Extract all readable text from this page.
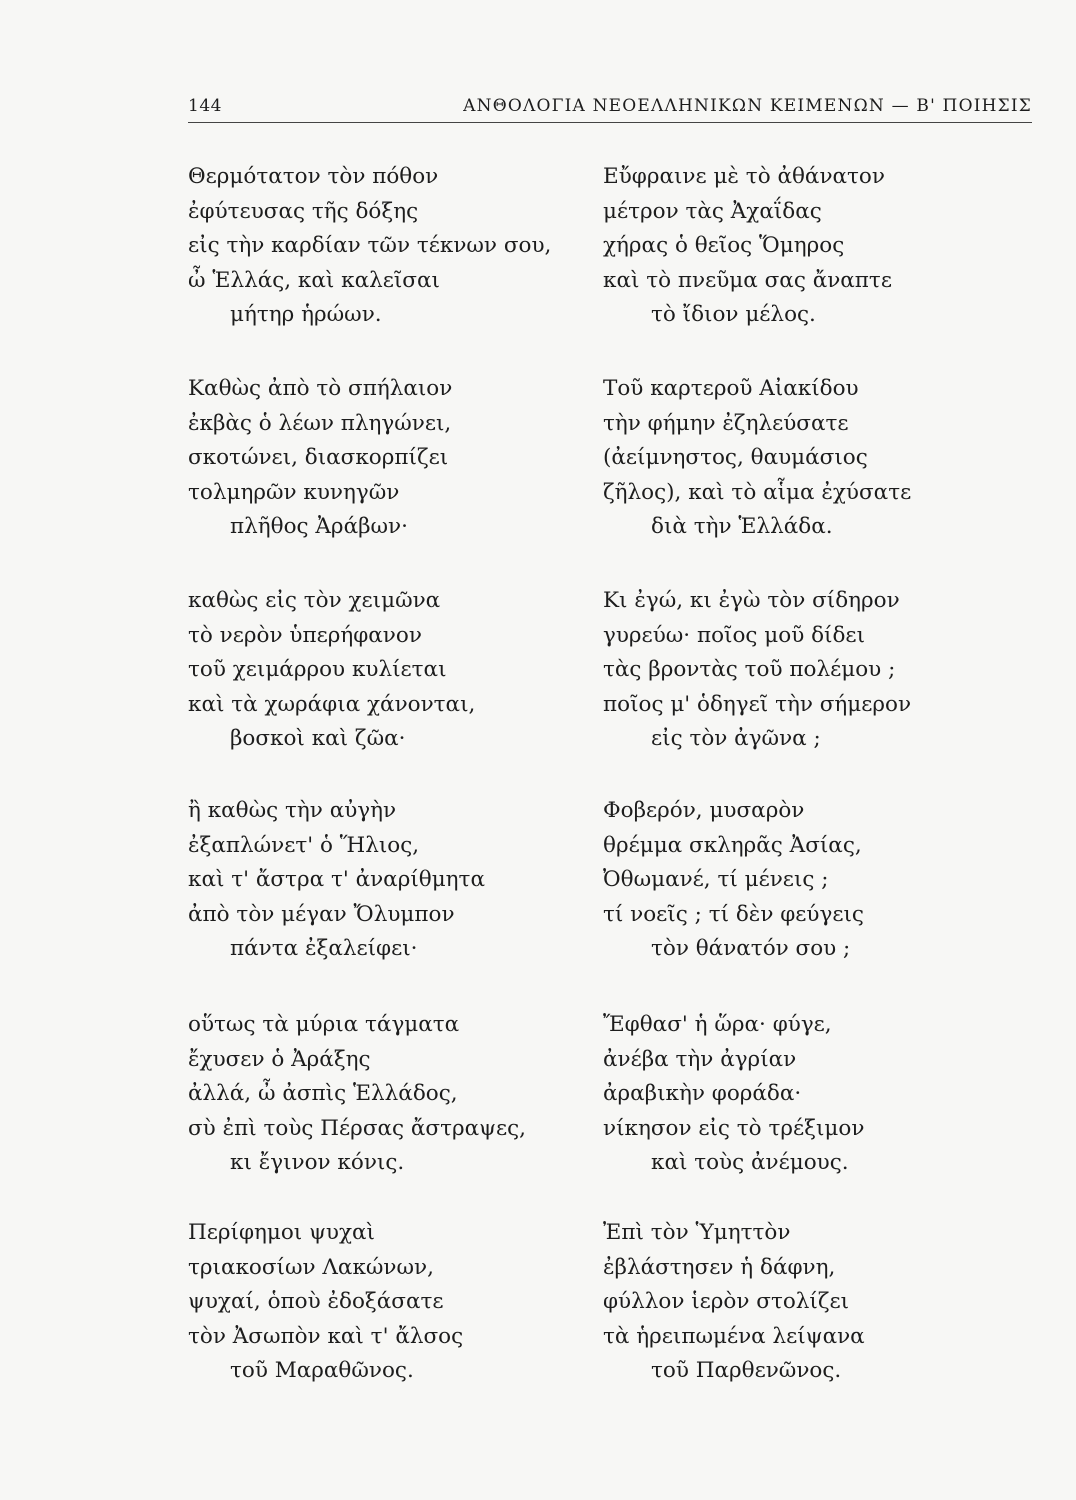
144	ΑΝΘΟΛΟΓΙΑ ΝΕΟΕΛΛΗΝΙΚΩΝ ΚΕΙΜΕΝΩΝ — Β' ΠΟΙΗΣΙΣ
Θερμότατον τὸν πόθον
ἐφύτευσας τῆς δόξης
εἰς τὴν καρδίαν τῶν τέκνων σου,
ὦ Ἑλλάς, καὶ καλεῖσαι
μήτηρ ἡρώων.
Καθὼς ἀπὸ τὸ σπήλαιον
ἐκβὰς ὁ λέων πληγώνει,
σκοτώνει, διασκορπίζει
τολμηρῶν κυνηγῶν
πλῆθος Ἀράβων·
καθὼς εἰς τὸν χειμῶνα
τὸ νερὸν ὑπερήφανον
τοῦ χειμάρρου κυλίεται
καὶ τὰ χωράφια χάνονται,
βοσκοὶ καὶ ζῶα·
ἢ καθὼς τὴν αὐγὴν
ἐξαπλώνετ' ὁ Ἥλιος,
καὶ τ' ἄστρα τ' ἀναρίθμητα
ἀπὸ τὸν μέγαν Ὄλυμπον
πάντα ἐξαλείφει·
οὕτως τὰ μύρια τάγματα
ἔχυσεν ὁ Ἀράξης
ἀλλά, ὦ ἀσπὶς Ἑλλάδος,
σὺ ἐπὶ τοὺς Πέρσας ἄστραψες,
κι ἔγινον κόνις.
Περίφημοι ψυχαὶ
τριακοσίων Λακώνων,
ψυχαί, ὁποὺ ἐδοξάσατε
τὸν Ἀσωπὸν καὶ τ' ἄλσος
τοῦ Μαραθῶνος.
Εὔφραινε μὲ τὸ ἀθάνατον
μέτρον τὰς Ἀχαΐδας
χήρας ὁ θεῖος Ὅμηρος
καὶ τὸ πνεῦμα σας ἄναπτε
τὸ ἴδιον μέλος.
Τοῦ καρτεροῦ Αἰακίδου
τὴν φήμην ἐζηλεύσατε
(ἀείμνηστος, θαυμάσιος
ζῆλος), καὶ τὸ αἷμα ἐχύσατε
διὰ τὴν Ἑλλάδα.
Κι ἐγώ, κι ἐγὼ τὸν σίδηρον
γυρεύω· ποῖος μοῦ δίδει
τὰς βροντὰς τοῦ πολέμου ;
ποῖος μ' ὁδηγεῖ τὴν σήμερον
εἰς τὸν ἀγῶνα ;
Φοβερόν, μυσαρὸν
θρέμμα σκληρᾶς Ἀσίας,
Ὀθωμανέ, τί μένεις ;
τί νοεῖς ; τί δὲν φεύγεις
τὸν θάνατόν σου ;
Ἔφθασ' ἡ ὥρα· φύγε,
ἀνέβα τὴν ἀγρίαν
ἀραβικὴν φοράδα·
νίκησον εἰς τὸ τρέξιμον
καὶ τοὺς ἀνέμους.
Ἐπὶ τὸν Ὑμηττὸν
ἐβλάστησεν ἡ δάφνη,
φύλλον ἱερὸν στολίζει
τὰ ἡρειπωμένα λείψανα
τοῦ Παρθενῶνος.
